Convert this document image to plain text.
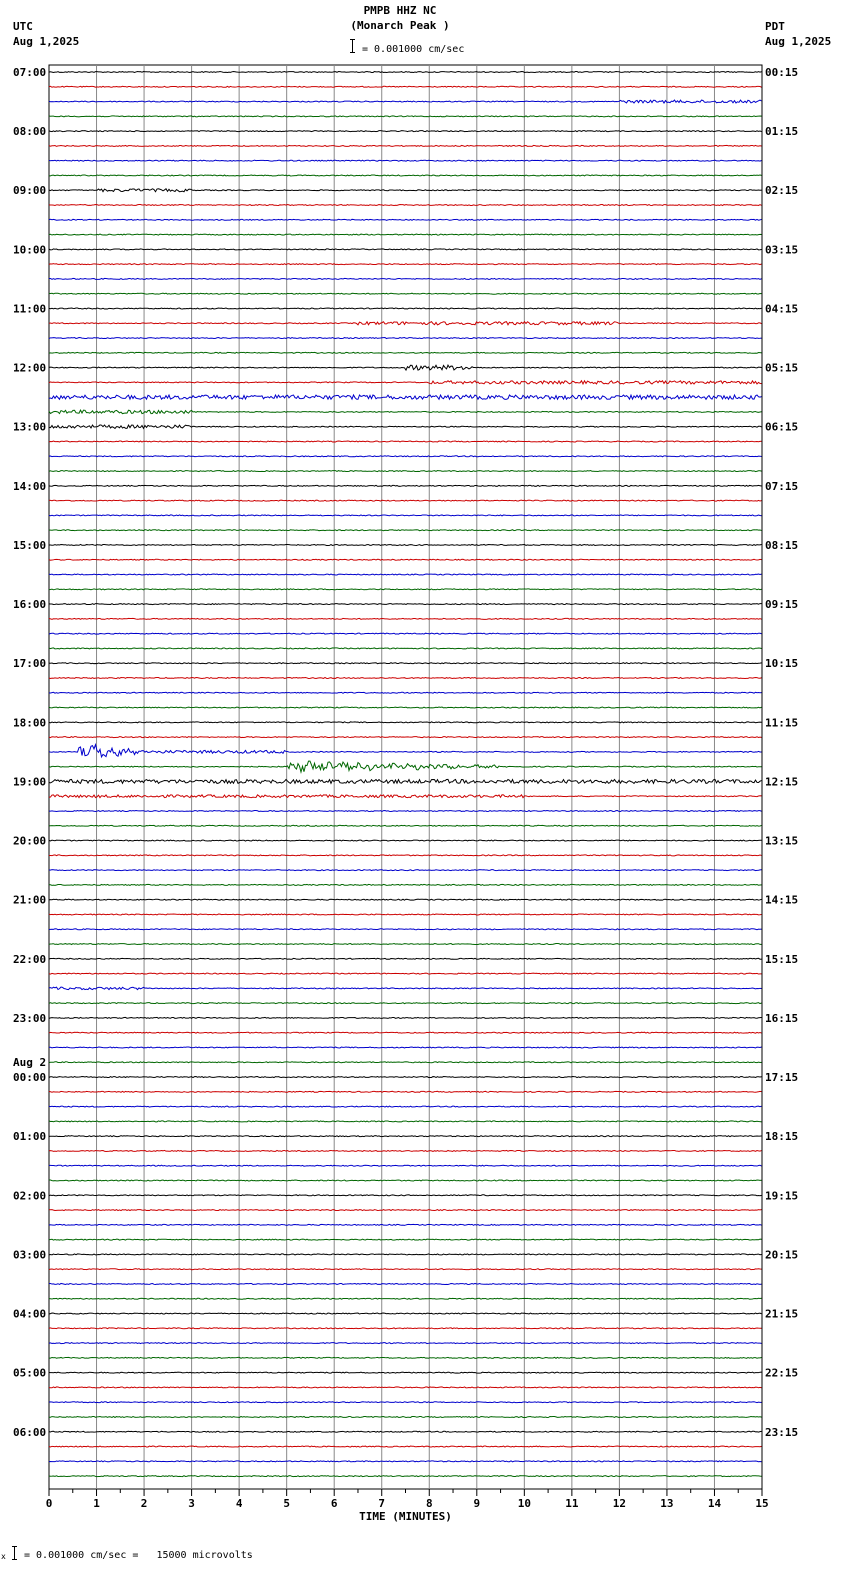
PMPB HHZ NC
(Monarch Peak )
= 0.001000 cm/sec
UTC
Aug 1,2025
PDT
Aug 1,2025
07:00
08:00
09:00
10:00
11:00
12:00
13:00
14:00
15:00
16:00
17:00
18:00
19:00
20:00
21:00
22:00
23:00
00:00
Aug 2
01:00
02:00
03:00
04:00
05:00
06:00
00:15
01:15
02:15
03:15
04:15
05:15
06:15
07:15
08:15
09:15
10:15
11:15
12:15
13:15
14:15
15:15
16:15
17:15
18:15
19:15
20:15
21:15
22:15
23:15
0	1	2	3	4	5	6	7	8	9	10	11	12	13	14	15
TIME (MINUTES)
x = 0.001000 cm/sec =   15000 microvolts
